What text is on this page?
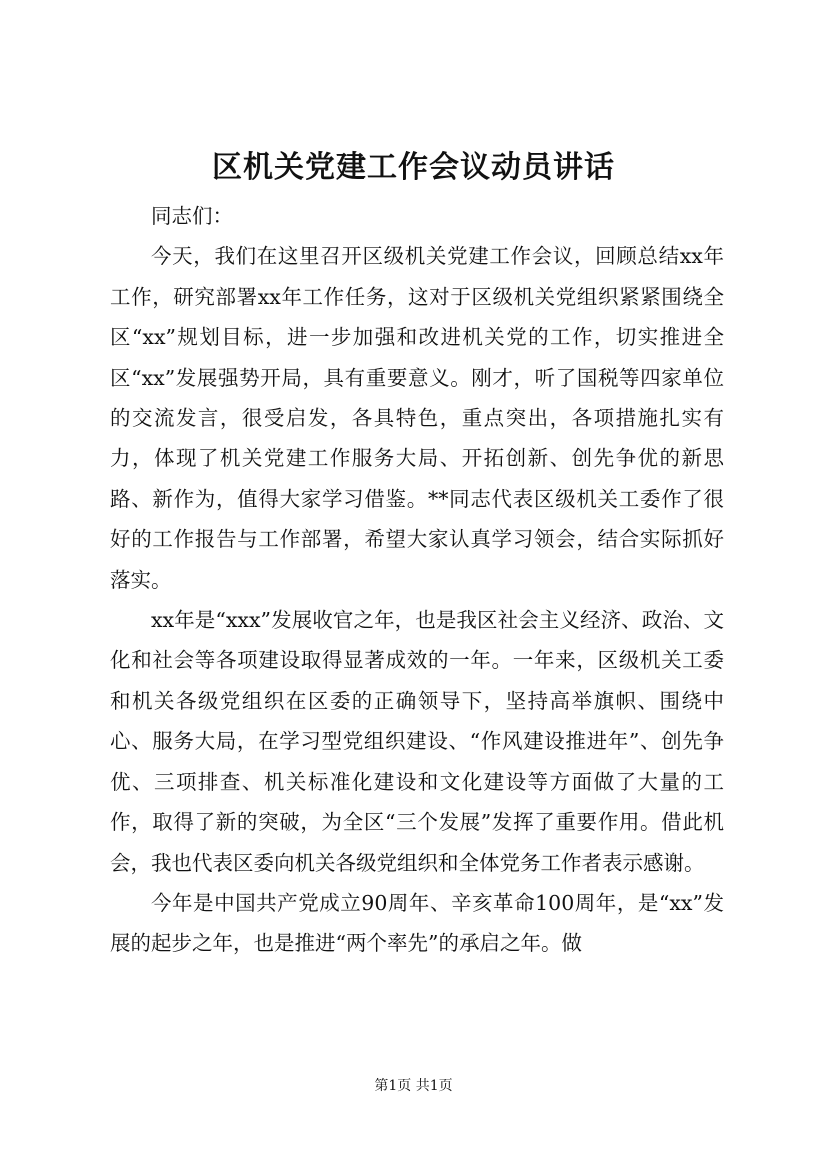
区机关党建工作会议动员讲话

同志们：

今天，我们在这里召开区级机关党建工作会议，回顾总结xx年工作，研究部署xx年工作任务，这对于区级机关党组织紧紧围绕全区“xx”规划目标，进一步加强和改进机关党的工作，切实推进全区“xx”发展强势开局，具有重要意义。刚才，听了国税等四家单位的交流发言，很受启发，各具特色，重点突出，各项措施扎实有力，体现了机关党建工作服务大局、开拓创新、创先争优的新思路、新作为，值得大家学习借鉴。**同志代表区级机关工委作了很好的工作报告与工作部署，希望大家认真学习领会，结合实际抓好落实。

xx年是“xxx”发展收官之年，也是我区社会主义经济、政治、文化和社会等各项建设取得显著成效的一年。一年来，区级机关工委和机关各级党组织在区委的正确领导下，坚持高举旗帜、围绕中心、服务大局，在学习型党组织建设、“作风建设推进年”、创先争优、三项排查、机关标准化建设和文化建设等方面做了大量的工作，取得了新的突破，为全区“三个发展”发挥了重要作用。借此机会，我也代表区委向机关各级党组织和全体党务工作者表示感谢。

今年是中国共产党成立90周年、辛亥革命100周年，是“xx”发展的起步之年，也是推进“两个率先”的承启之年。做

第1页 共1页
